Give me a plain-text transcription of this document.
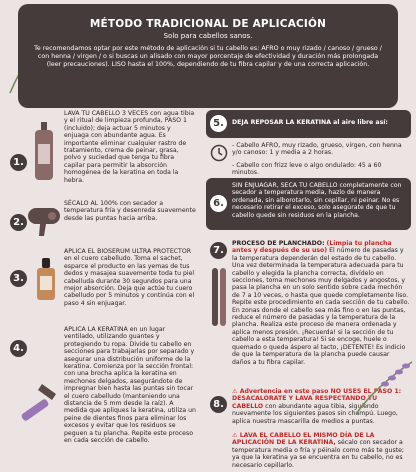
MÉTODO TRADICIONAL DE APLICACIÓN
Solo para cabellos sanos.
Te recomendamos optar por este método de aplicación si tu cabello es: AFRO o muy rizado / canoso / grueso / con henna / virgen / o si buscas un alisado con mayor porcentaje de efectividad y duración más prolongada (leer precauciones). LISO hasta el 100%, dependiendo de tu fibra capilar y de una correcta aplicación.
1.
LAVA TU CABELLO 3 VECES con agua tibia y el ritual de limpieza profunda, PASO 1 (incluido); deja actuar 5 minutos y enjuaga con abundante agua. Es importante eliminar cualquier rastro de tratamiento, crema de peinar, grasa, polvo y suciedad que tenga tu fibra capilar para permitir la absorción homogénea de la keratina en toda la hebra.
2.
SÉCALO AL 100% con secador a temperatura fría y desenreda suavemente desde las puntas hacia arriba.
3.
APLICA EL BIOSERUM ULTRA PROTECTOR en el cuero cabelludo. Toma el sachet, esparce el producto en las yemas de tus dedos y masajea suavemente toda tu piel cabelluda durante 30 segundos para una mejor absorción. Deja que actúe tu cuero cabelludo por 5 minutos y continúa con el paso 4 sin enjuagar.
4.
APLICA LA KERATINA en un lugar ventilado, utilizando guantes y protegiendo tu ropa. Divide tu cabello en secciones para trabajarlas por separado y asegurar una distribución uniforme de la keratina. Comienza por la sección frontal: con una brocha aplica la keratina en mechones delgados, asegurándote de impregnar bien hasta las puntas sin tocar el cuero cabelludo (manteniendo una distancia de 5 mm desde la raíz). A medida que apliques la keratina, utiliza un peine de dientes finos para eliminar los excesos y evitar que los residuos se peguen a tu plancha. Repite este proceso en cada sección de cabello.
5.	DEJA REPOSAR LA KERATINA al aire libre así:
- Cabello AFRO, muy rizado, grueso, virgen, con henna y/o canoso: 1 y media a 2 horas.
- Cabello con frizz leve o algo ondulado: 45 a 60 minutos.
6.
SIN ENJUAGAR, SECA TU CABELLO completamente con secador a temperatura media, hazlo de manera ordenada, sin alborotarlo, sin cepillar, ni peinar. No es necesario retirar el exceso, solo asegúrate de que tu cabello quede sin residuos en la plancha.
7.
PROCESO DE PLANCHADO: (Limpia tu plancha antes y después de su uso) El número de pasadas y la temperatura dependerán del estado de tu cabello. Una vez determinada la temperatura adecuada para tu cabello y elegida la plancha correcta, divídelo en secciones, toma mechones muy delgados y angostos, y pasa la plancha en un solo sentido sobre cada mechón de 7 a 10 veces, o hasta que quede completamente liso. Repite este procedimiento en cada sección de tu cabello. En zonas donde el cabello sea más fino o en las puntas, reduce el número de pasadas y la temperatura de la plancha. Realiza este proceso de manera ordenada y aplica menos presión. ¡Recuerda! si la sección de tu cabello a esta temperatura! Si se encoge, huele o quemado o queda áspero al tacto, ¡DETENTE! Es indicio de que la temperatura de la plancha puede causar daños a tu fibra capilar.
8.
⚠ Advertencia en este paso NO USES EL PASO 1: DESACALORATE Y LAVA RESPECTANDO TU CABELLO con abundante agua tibia, siguiendo nuevamente los siguientes pasos sin champú. Luego, aplica nuestra mascarilla de medios a puntas.
⚠ LAVA EL CABELLO EL MISMO DÍA DE LA APLICACIÓN DE LA KERATINA, sécalo con secador a temperatura media o fría y péinalo como más te guste; ya que la keratina ya se encuentra en tu cabello, no es necesario cepillarlo.
